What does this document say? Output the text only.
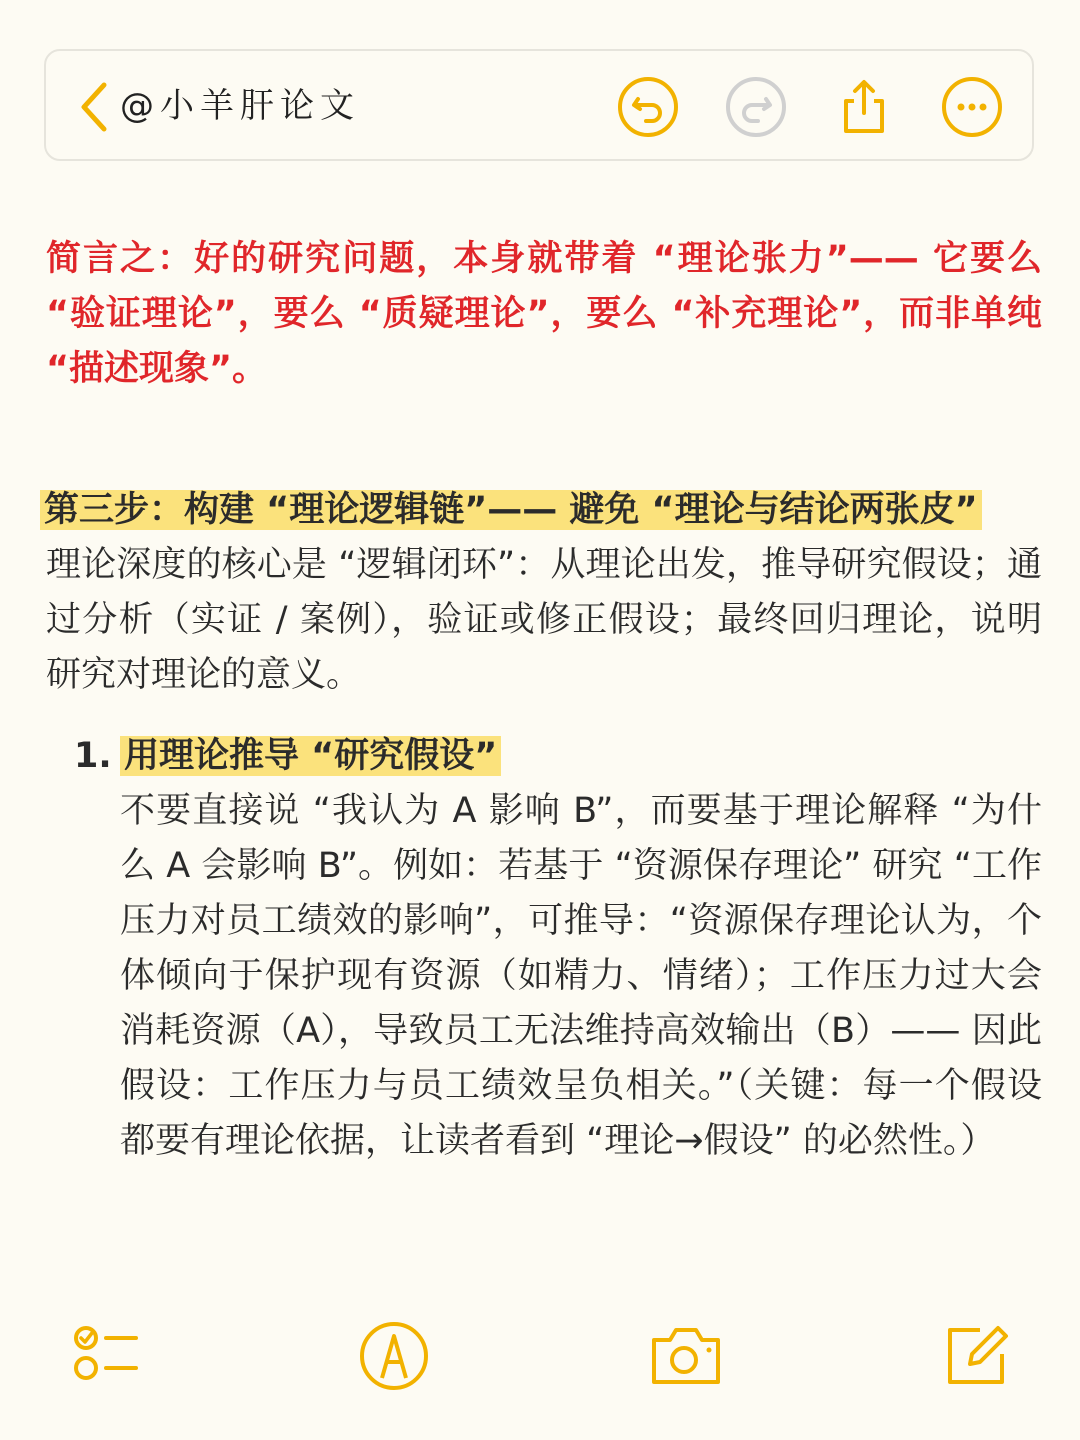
@小羊肝论文

简言之：好的研究问题，本身就带着 “理论张力”—— 它要么 “验证理论”，要么 “质疑理论”，要么 “补充理论”，而非单纯 “描述现象”。

第三步：构建 “理论逻辑链”—— 避免 “理论与结论两张皮”

理论深度的核心是 “逻辑闭环”：从理论出发，推导研究假设；通过分析（实证 / 案例），验证或修正假设；最终回归理论，说明研究对理论的意义。

1. 用理论推导 “研究假设”

不要直接说 “我认为 A 影响 B”，而要基于理论解释 “为什么 A 会影响 B”。例如：若基于 “资源保存理论” 研究 “工作压力对员工绩效的影响”，可推导：“资源保存理论认为，个体倾向于保护现有资源（如精力、情绪）；工作压力过大会消耗资源（A），导致员工无法维持高效输出（B）—— 因此假设：工作压力与员工绩效呈负相关。”（关键：每一个假设都要有理论依据，让读者看到 “理论→假设” 的必然性。）
